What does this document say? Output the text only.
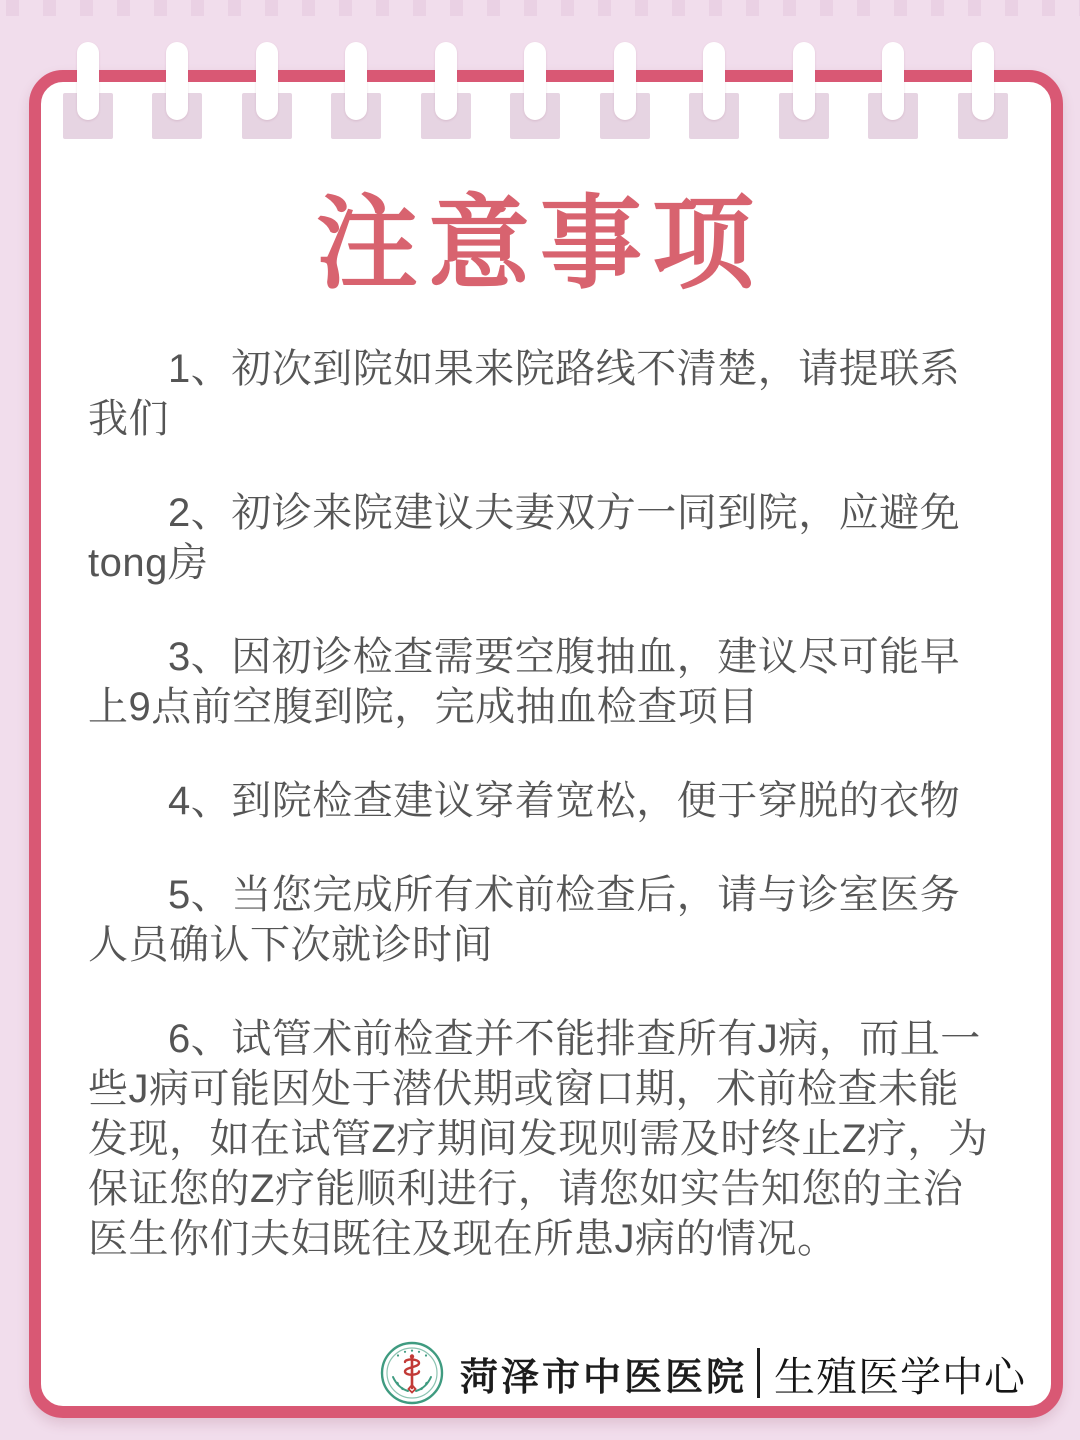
注意事项

1、初次到院如果来院路线不清楚，请提联系我们

2、初诊来院建议夫妻双方一同到院，应避免tong房

3、因初诊检查需要空腹抽血，建议尽可能早上9点前空腹到院，完成抽血检查项目

4、到院检查建议穿着宽松，便于穿脱的衣物

5、当您完成所有术前检查后，请与诊室医务人员确认下次就诊时间

6、试管术前检查并不能排查所有J病，而且一些J病可能因处于潜伏期或窗口期，术前检查未能发现，如在试管Z疗期间发现则需及时终止Z疗，为保证您的Z疗能顺利进行，请您如实告知您的主治医生你们夫妇既往及现在所患J病的情况。

菏泽市中医医院 生殖医学中心
